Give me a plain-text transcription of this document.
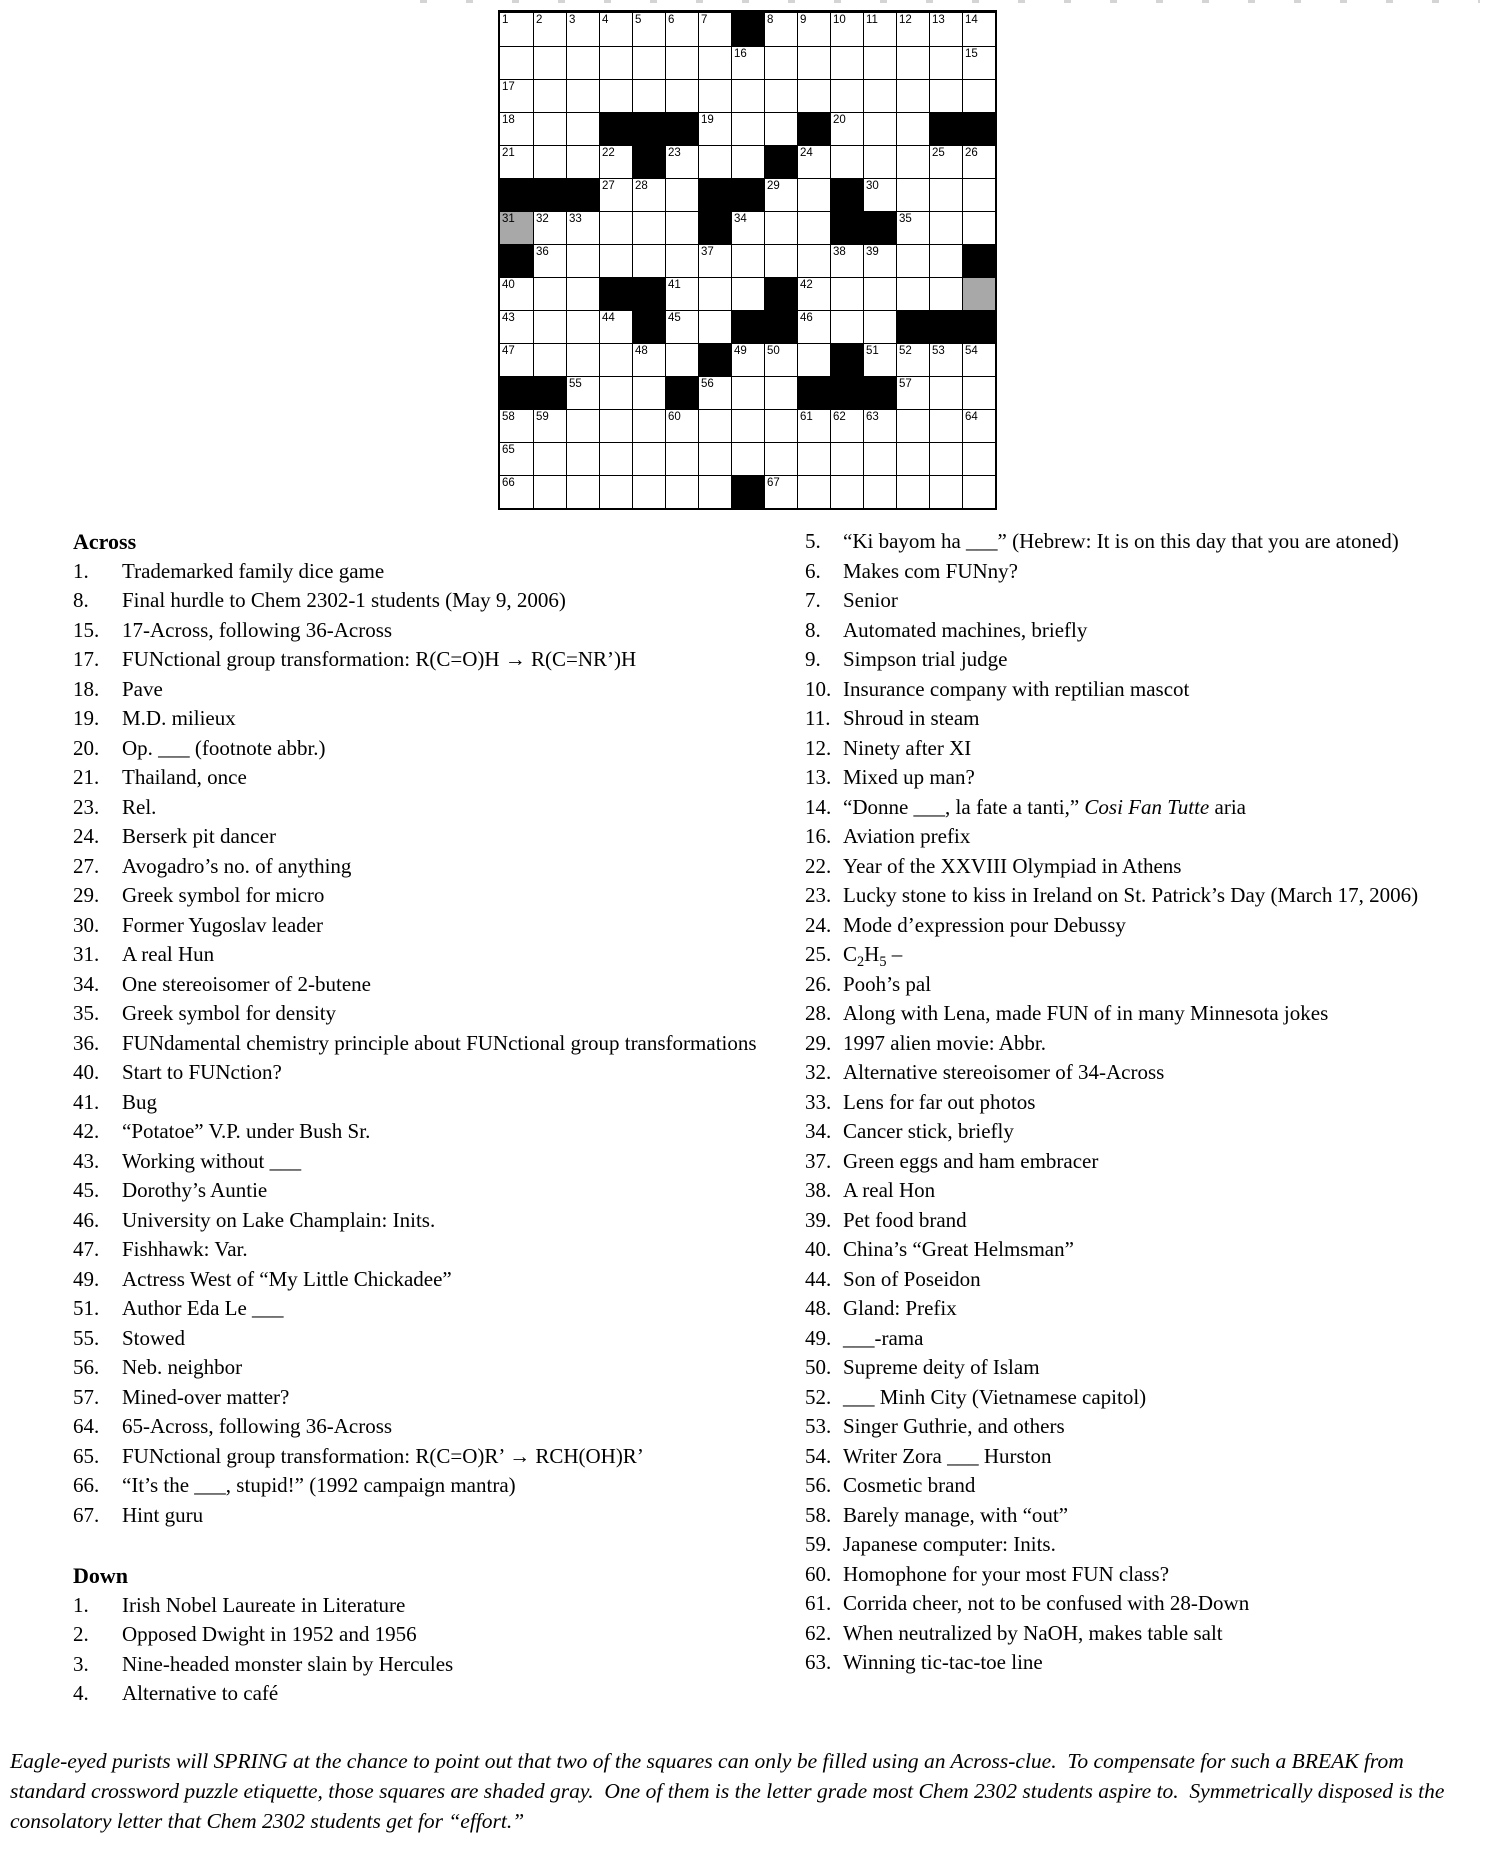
1 2 3 4 5 6 7	8 9 10 11 12 13 14
16	15
17
18	19	20
21	22	23	24	25 26
27 28	29	30
31 32 33	34	35
36	37	38 39
40	41	42
43	44	45	46
47	48	49 50	51 52 53 54
55	56	57
58 59	60	61 62 63	64
65
66	67
Across
1.	Trademarked family dice game
8.	Final hurdle to Chem 2302-1 students (May 9, 2006)
15.	17-Across, following 36-Across
17.	FUNctional group transformation: R(C=O)H → R(C=NR’)H
18.	Pave
19.	M.D. milieux
20.	Op. ___ (footnote abbr.)
21.	Thailand, once
23.	Rel.
24.	Berserk pit dancer
27.	Avogadro’s no. of anything
29.	Greek symbol for micro
30.	Former Yugoslav leader
31.	A real Hun
34.	One stereoisomer of 2-butene
35.	Greek symbol for density
36.	FUNdamental chemistry principle about FUNctional group transformations
40.	Start to FUNction?
41.	Bug
42.	“Potatoe” V.P. under Bush Sr.
43.	Working without ___
45.	Dorothy’s Auntie
46.	University on Lake Champlain: Inits.
47.	Fishhawk: Var.
49.	Actress West of “My Little Chickadee”
51.	Author Eda Le ___
55.	Stowed
56.	Neb. neighbor
57.	Mined-over matter?
64.	65-Across, following 36-Across
65.	FUNctional group transformation: R(C=O)R’ → RCH(OH)R’
66.	“It’s the ___, stupid!” (1992 campaign mantra)
67.	Hint guru
Down
1.	Irish Nobel Laureate in Literature
2.	Opposed Dwight in 1952 and 1956
3.	Nine-headed monster slain by Hercules
4.	Alternative to café
5.	“Ki bayom ha ___” (Hebrew: It is on this day that you are atoned)
6.	Makes com FUNny?
7.	Senior
8.	Automated machines, briefly
9.	Simpson trial judge
10. Insurance company with reptilian mascot
11. Shroud in steam
12. Ninety after XI
13. Mixed up man?
14. “Donne ___, la fate a tanti,” Cosi Fan Tutte aria
16. Aviation prefix
22. Year of the XXVIII Olympiad in Athens
23. Lucky stone to kiss in Ireland on St. Patrick’s Day (March 17, 2006)
24. Mode d’expression pour Debussy
25. $C_2H_5$ –
26. Pooh’s pal
28. Along with Lena, made FUN of in many Minnesota jokes
29. 1997 alien movie: Abbr.
32. Alternative stereoisomer of 34-Across
33. Lens for far out photos
34. Cancer stick, briefly
37. Green eggs and ham embracer
38. A real Hon
39. Pet food brand
40. China’s “Great Helmsman”
44. Son of Poseidon
48. Gland: Prefix
49. ___-rama
50. Supreme deity of Islam
52. ___ Minh City (Vietnamese capitol)
53. Singer Guthrie, and others
54. Writer Zora ___ Hurston
56. Cosmetic brand
58. Barely manage, with “out”
59. Japanese computer: Inits.
60. Homophone for your most FUN class?
61. Corrida cheer, not to be confused with 28-Down
62. When neutralized by NaOH, makes table salt
63. Winning tic-tac-toe line
Eagle-eyed purists will SPRING at the chance to point out that two of the squares can only be filled using an Across-clue.  To compensate for such a BREAK from standard crossword puzzle etiquette, those squares are shaded gray.  One of them is the letter grade most Chem 2302 students aspire to.  Symmetrically disposed is the consolatory letter that Chem 2302 students get for “effort.”
